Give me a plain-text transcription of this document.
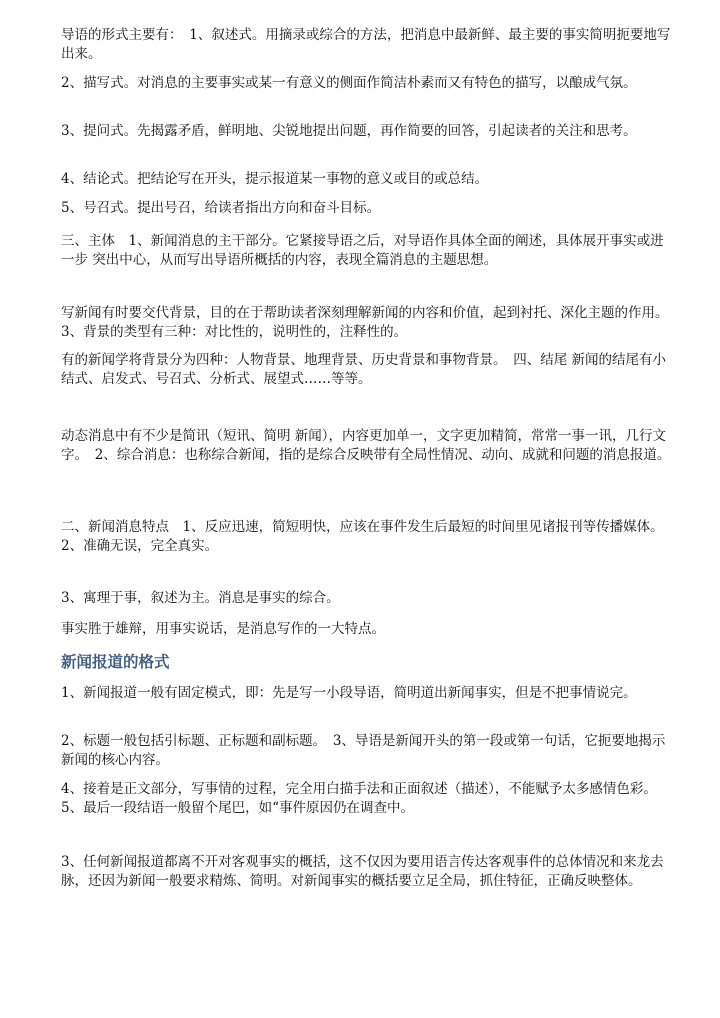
导语的形式主要有：　1、叙述式。用摘录或综合的方法，把消息中最新鲜、最主要的事实简明扼要地写出来。

2、描写式。对消息的主要事实或某一有意义的侧面作简洁朴素而又有特色的描写，以酿成气氛。

3、提问式。先揭露矛盾，鲜明地、尖锐地提出问题，再作简要的回答，引起读者的关注和思考。

4、结论式。把结论写在开头，提示报道某一事物的意义或目的或总结。

5、号召式。提出号召，给读者指出方向和奋斗目标。

三、主体　1、新闻消息的主干部分。它紧接导语之后，对导语作具体全面的阐述，具体展开事实或进一步 突出中心，从而写出导语所概括的内容，表现全篇消息的主题思想。

写新闻有时要交代背景，目的在于帮助读者深刻理解新闻的内容和价值，起到衬托、深化主题的作用。　3、背景的类型有三种：对比性的，说明性的，注释性的。

有的新闻学将背景分为四种：人物背景、地理背景、历史背景和事物背景。　四、结尾 新闻的结尾有小结式、启发式、号召式、分析式、展望式……等等。

动态消息中有不少是简讯（短讯、简明 新闻），内容更加单一，文字更加精简，常常一事一讯，几行文字。　2、综合消息：也称综合新闻，指的是综合反映带有全局性情况、动向、成就和问题的消息报道。

二、新闻消息特点　1、反应迅速，简短明快，应该在事件发生后最短的时间里见诸报刊等传播媒体。　2、准确无误，完全真实。

3、寓理于事，叙述为主。消息是事实的综合。

事实胜于雄辩，用事实说话，是消息写作的一大特点。

新闻报道的格式

1、新闻报道一般有固定模式，即：先是写一小段导语，简明道出新闻事实，但是不把事情说完。

2、标题一般包括引标题、正标题和副标题。　3、导语是新闻开头的第一段或第一句话，它扼要地揭示新闻的核心内容。

4、接着是正文部分，写事情的过程，完全用白描手法和正面叙述（描述），不能赋予太多感情色彩。　5、最后一段结语一般留个尾巴，如“事件原因仍在调查中。

3、任何新闻报道都离不开对客观事实的概括，这不仅因为要用语言传达客观事件的总体情况和来龙去脉，还因为新闻一般要求精炼、简明。对新闻事实的概括要立足全局，抓住特征，正确反映整体。
